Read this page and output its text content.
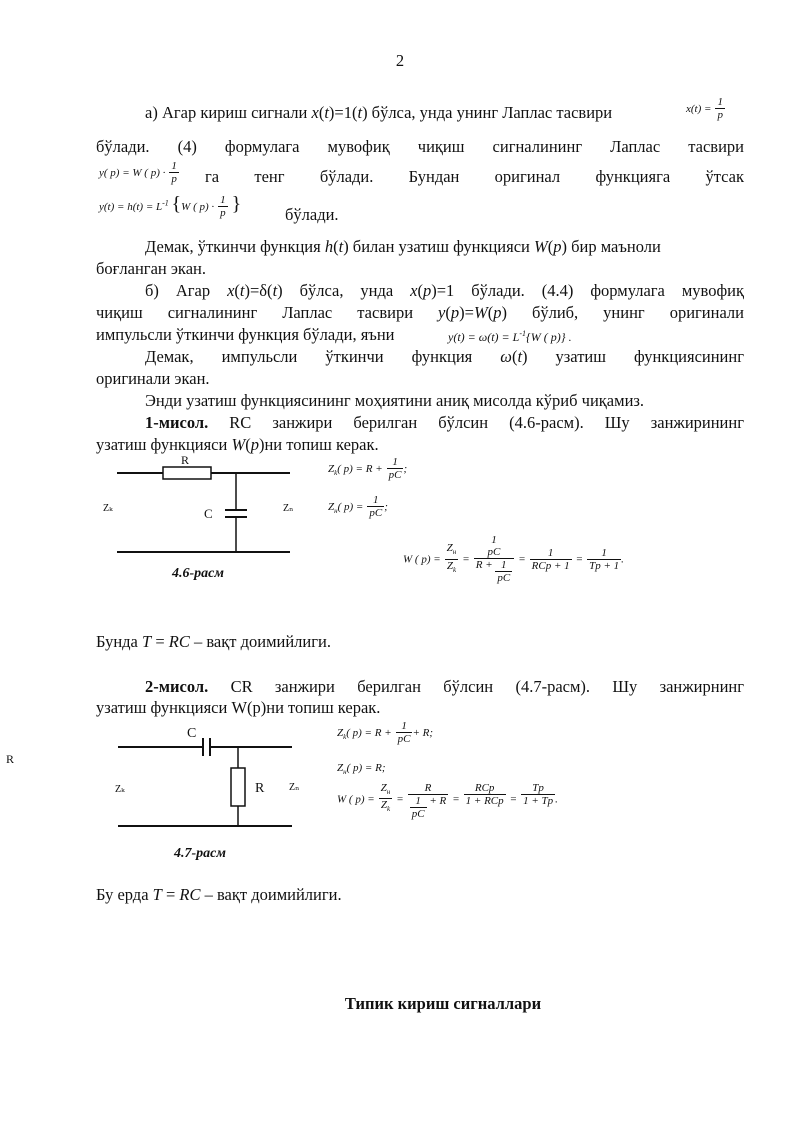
2
а) Агар кириш сигнали x(t)=1(t) бўлса, унда унинг Лаплас тасвири	$x(t) = \frac{1}{p}$
бўлади. (4) формулага мувофиқ чиқиш сигналининг Лаплас тасвири
y( p) = W ( $p) \cdot \frac{1}{p}$ га тенг бўлади. Бундан оригинал функцияга ўтсак
$y(t) = h(t) = L^{-1}$ {W ( $p) \cdot \frac{1}{p}$ }	бўлади.
Демак, ўткинчи функция h(t) билан узатиш функцияси W(p) бир маъноли
боғланган экан.
б) Агар x(t)=δ(t) бўлса, унда x(p)=1 бўлади. (4.4) формулага мувофиқ
чиқиш сигналининг Лаплас тасвири y(p)=W(p) бўлиб, унинг оригинали
импульсли ўткинчи функция бўлади, яъни	$y(t) = \omega(t) = L^{-1}\{W$ ( p)} .
Демак, импульсли ўткинчи функция ω(t) узатиш функциясининг
оригинали экан.
Энди узатиш функциясининг моҳиятини аниқ мисолда кўриб чиқамиз.
1-мисол. RC занжири берилган бўлсин (4.6-расм). Шу занжирининг
узатиш функцияси W(p)ни топиш керак.
R
C
Zₖ	Zₙ
4.6-расм
$Z_k$( $p) = R + \frac{1}{pC}$ ;
$Z_н$( $p) = \frac{1}{pC}$ ;
W ( $p) = \frac{Z_н}{Z_k} = 1$
pC
$R + \frac{1}{pC} = \frac{1}{\text{RCp + 1}} = \frac{1}{Tp + 1}$ .
Бунда T = RC – вақт доимийлиги.
2-мисол. CR занжири берилган бўлсин (4.7-расм). Шу занжирнинг
узатиш функцияси W(p)ни топиш керак.
R
C
R
Zₖ	Zₙ
4.7-расм
$Z_k$( $p) = R + \frac{1}{pC} + R$;
$Z_н$( p) = R;
W ( $p) = \frac{Z_н}{Z_k} = \frac{R}{\frac{1}{pC} + R} = \frac{\text{RCp}}{\text{1 + RCp}} = \frac{Tp}{1 + Tp}$ .
Бу ерда T = RC – вақт доимийлиги.
Типик кириш сигналлари
